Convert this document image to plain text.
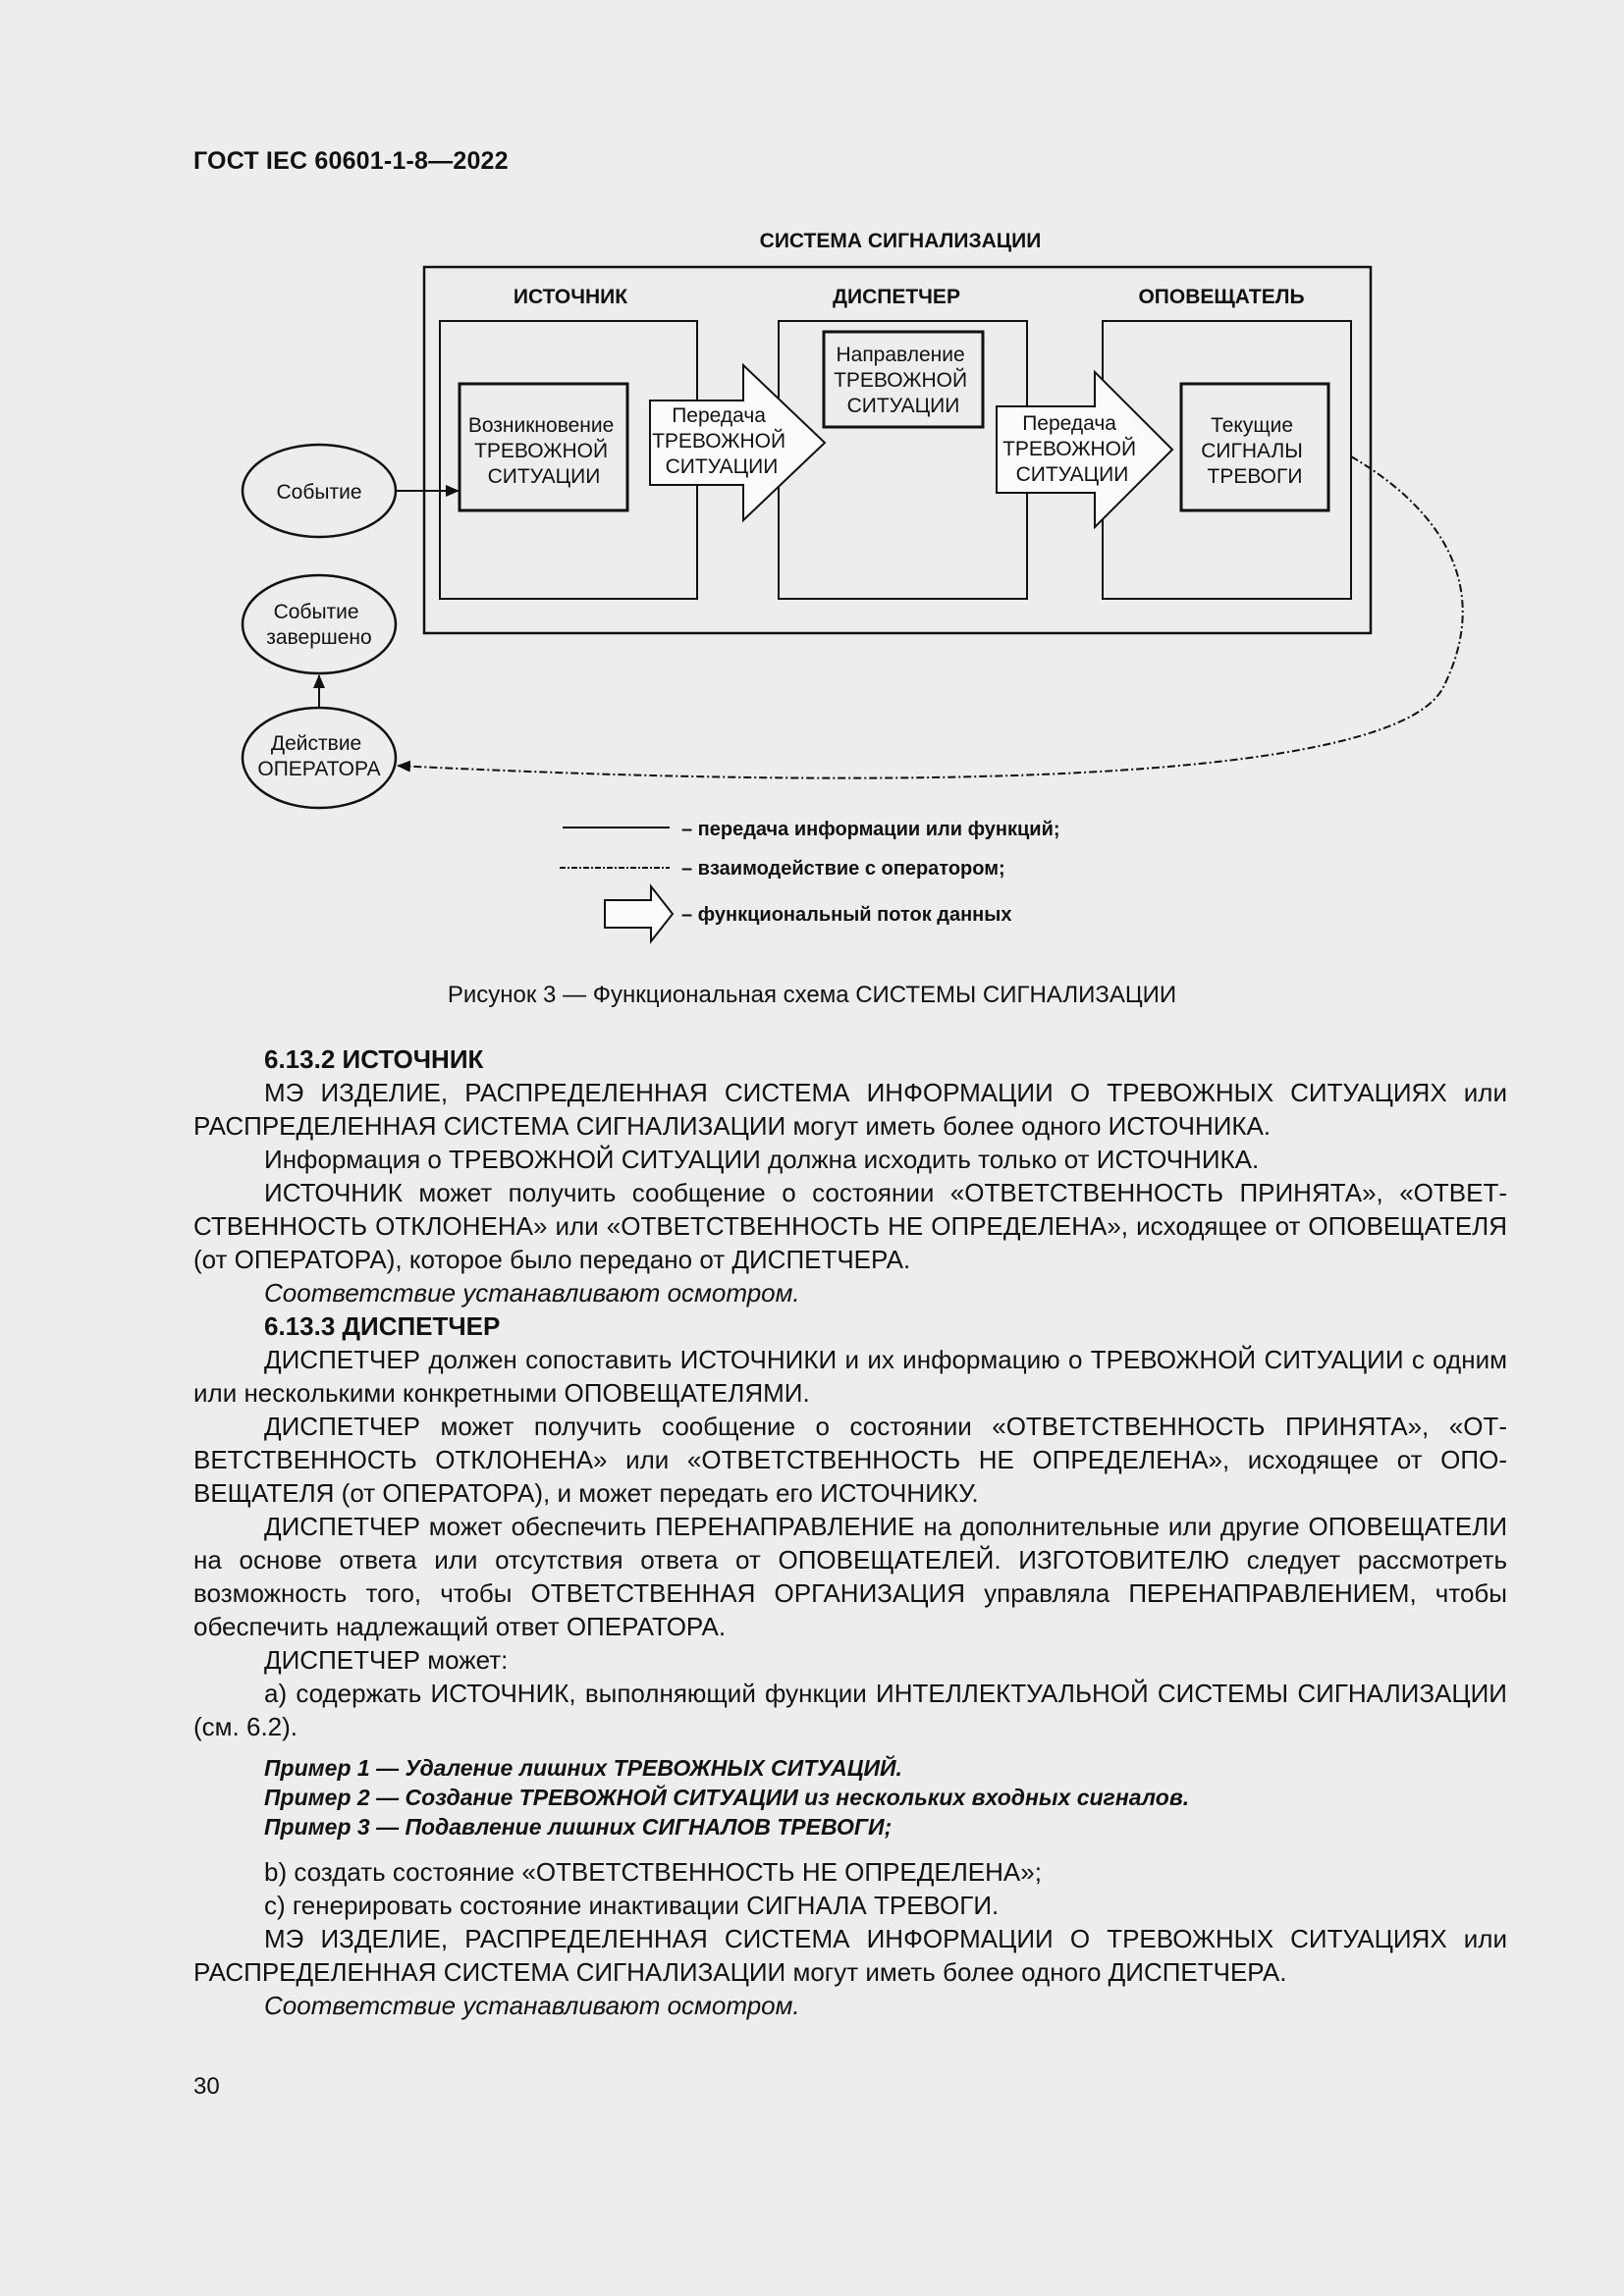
ГОСТ IEC 60601-1-8—2022
СИСТЕМА СИГНАЛИЗАЦИИ
ИСТОЧНИК	ДИСПЕТЧЕР	ОПОВЕЩАТЕЛЬ
Возникновение ТРЕВОЖНОЙ СИТУАЦИИ
Направление ТРЕВОЖНОЙ СИТУАЦИИ
Текущие СИГНАЛЫ ТРЕВОГИ
Передача ТРЕВОЖНОЙ СИТУАЦИИ
Передача ТРЕВОЖНОЙ СИТУАЦИИ
Событие
Событие завершено
Действие ОПЕРАТОРА
– передача информации или функций;
– взаимодействие с оператором;
– функциональный поток данных
Рисунок 3 — Функциональная схема СИСТЕМЫ СИГНАЛИЗАЦИИ

6.13.2 ИСТОЧНИК

МЭ ИЗДЕЛИЕ, РАСПРЕДЕЛЕННАЯ СИСТЕМА ИНФОРМАЦИИ О ТРЕВОЖНЫХ СИТУАЦИЯХ или РАСПРЕДЕЛЕННАЯ СИСТЕМА СИГНАЛИЗАЦИИ могут иметь более одного ИСТОЧНИКА.

Информация о ТРЕВОЖНОЙ СИТУАЦИИ должна исходить только от ИСТОЧНИКА.

ИСТОЧНИК может получить сообщение о состоянии «ОТВЕТСТВЕННОСТЬ ПРИНЯТА», «ОТВЕТСТВЕННОСТЬ ОТКЛОНЕНА» или «ОТВЕТСТВЕННОСТЬ НЕ ОПРЕДЕЛЕНА», исходящее от ОПОВЕЩАТЕЛЯ (от ОПЕРАТОРА), которое было передано от ДИСПЕТЧЕРА.

Соответствие устанавливают осмотром.

6.13.3 ДИСПЕТЧЕР

ДИСПЕТЧЕР должен сопоставить ИСТОЧНИКИ и их информацию о ТРЕВОЖНОЙ СИТУАЦИИ с одним или несколькими конкретными ОПОВЕЩАТЕЛЯМИ.

ДИСПЕТЧЕР может получить сообщение о состоянии «ОТВЕТСТВЕННОСТЬ ПРИНЯТА», «ОТВЕТСТВЕННОСТЬ ОТКЛОНЕНА» или «ОТВЕТСТВЕННОСТЬ НЕ ОПРЕДЕЛЕНА», исходящее от ОПОВЕЩАТЕЛЯ (от ОПЕРАТОРА), и может передать его ИСТОЧНИКУ.

ДИСПЕТЧЕР может обеспечить ПЕРЕНАПРАВЛЕНИЕ на дополнительные или другие ОПОВЕЩАТЕЛИ на основе ответа или отсутствия ответа от ОПОВЕЩАТЕЛЕЙ. ИЗГОТОВИТЕЛЮ следует рассмотреть возможность того, чтобы ОТВЕТСТВЕННАЯ ОРГАНИЗАЦИЯ управляла ПЕРЕНАПРАВЛЕНИЕМ, чтобы обеспечить надлежащий ответ ОПЕРАТОРА.

ДИСПЕТЧЕР может:

a) содержать ИСТОЧНИК, выполняющий функции ИНТЕЛЛЕКТУАЛЬНОЙ СИСТЕМЫ СИГНАЛИЗАЦИИ (см. 6.2).

Пример 1 — Удаление лишних ТРЕВОЖНЫХ СИТУАЦИЙ.

Пример 2 — Создание ТРЕВОЖНОЙ СИТУАЦИИ из нескольких входных сигналов.

Пример 3 — Подавление лишних СИГНАЛОВ ТРЕВОГИ;

b) создать состояние «ОТВЕТСТВЕННОСТЬ НЕ ОПРЕДЕЛЕНА»;

c) генерировать состояние инактивации СИГНАЛА ТРЕВОГИ.

МЭ ИЗДЕЛИЕ, РАСПРЕДЕЛЕННАЯ СИСТЕМА ИНФОРМАЦИИ О ТРЕВОЖНЫХ СИТУАЦИЯХ или РАСПРЕДЕЛЕННАЯ СИСТЕМА СИГНАЛИЗАЦИИ могут иметь более одного ДИСПЕТЧЕРА.

Соответствие устанавливают осмотром.

30
